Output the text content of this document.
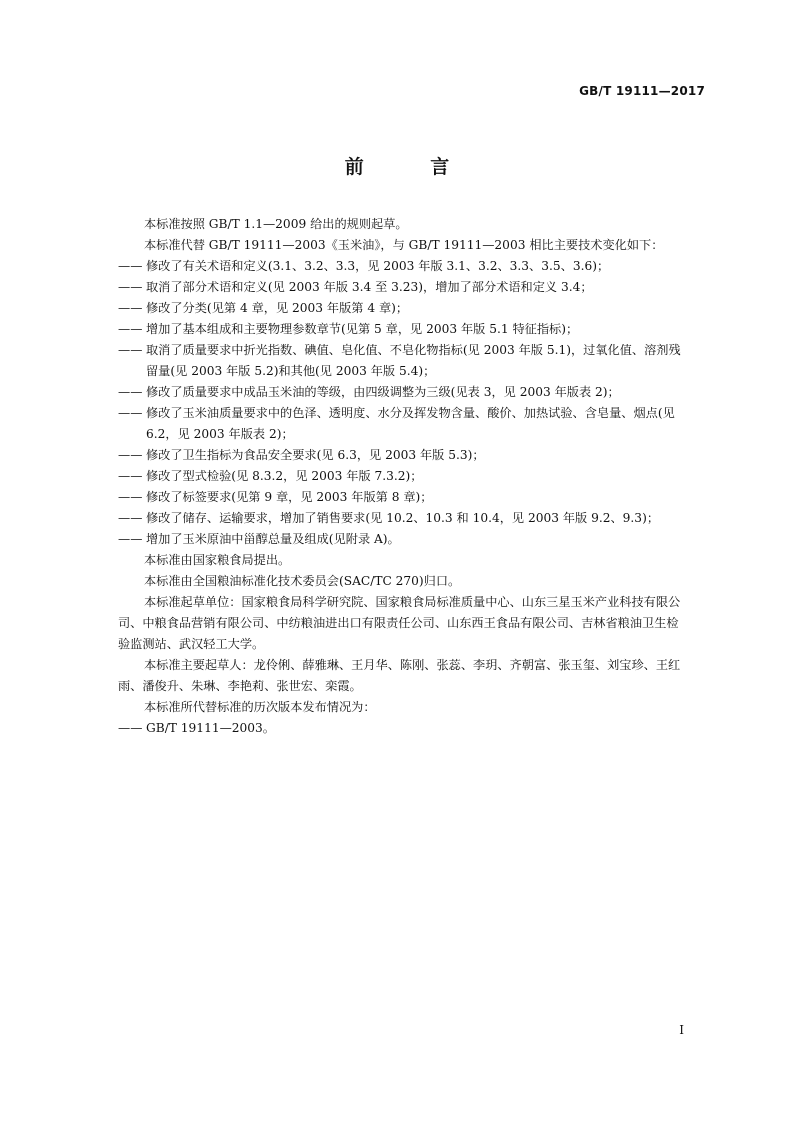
GB/T 19111—2017
前 言

本标准按照 GB/T 1.1—2009 给出的规则起草。

本标准代替 GB/T 19111—2003《玉米油》，与 GB/T 19111—2003 相比主要技术变化如下：

—— 修改了有关术语和定义(3.1、3.2、3.3，见 2003 年版 3.1、3.2、3.3、3.5、3.6)；

—— 取消了部分术语和定义(见 2003 年版 3.4 至 3.23)，增加了部分术语和定义 3.4；

—— 修改了分类(见第 4 章，见 2003 年版第 4 章)；

—— 增加了基本组成和主要物理参数章节(见第 5 章，见 2003 年版 5.1 特征指标)；

—— 取消了质量要求中折光指数、碘值、皂化值、不皂化物指标(见 2003 年版 5.1)，过氧化值、溶剂残留量(见 2003 年版 5.2)和其他(见 2003 年版 5.4)；

—— 修改了质量要求中成品玉米油的等级，由四级调整为三级(见表 3，见 2003 年版表 2)；

—— 修改了玉米油质量要求中的色泽、透明度、水分及挥发物含量、酸价、加热试验、含皂量、烟点(见 6.2，见 2003 年版表 2)；

—— 修改了卫生指标为食品安全要求(见 6.3，见 2003 年版 5.3)；

—— 修改了型式检验(见 8.3.2，见 2003 年版 7.3.2)；

—— 修改了标签要求(见第 9 章，见 2003 年版第 8 章)；

—— 修改了储存、运输要求，增加了销售要求(见 10.2、10.3 和 10.4，见 2003 年版 9.2、9.3)；

—— 增加了玉米原油中甾醇总量及组成(见附录 A)。

本标准由国家粮食局提出。

本标准由全国粮油标准化技术委员会(SAC/TC 270)归口。

本标准起草单位：国家粮食局科学研究院、国家粮食局标准质量中心、山东三星玉米产业科技有限公司、中粮食品营销有限公司、中纺粮油进出口有限责任公司、山东西王食品有限公司、吉林省粮油卫生检验监测站、武汉轻工大学。

本标准主要起草人：龙伶俐、薛雅琳、王月华、陈刚、张蕊、李玥、齐朝富、张玉玺、刘宝珍、王红雨、潘俊升、朱琳、李艳莉、张世宏、栾霞。

本标准所代替标准的历次版本发布情况为：

—— GB/T 19111—2003。

I
